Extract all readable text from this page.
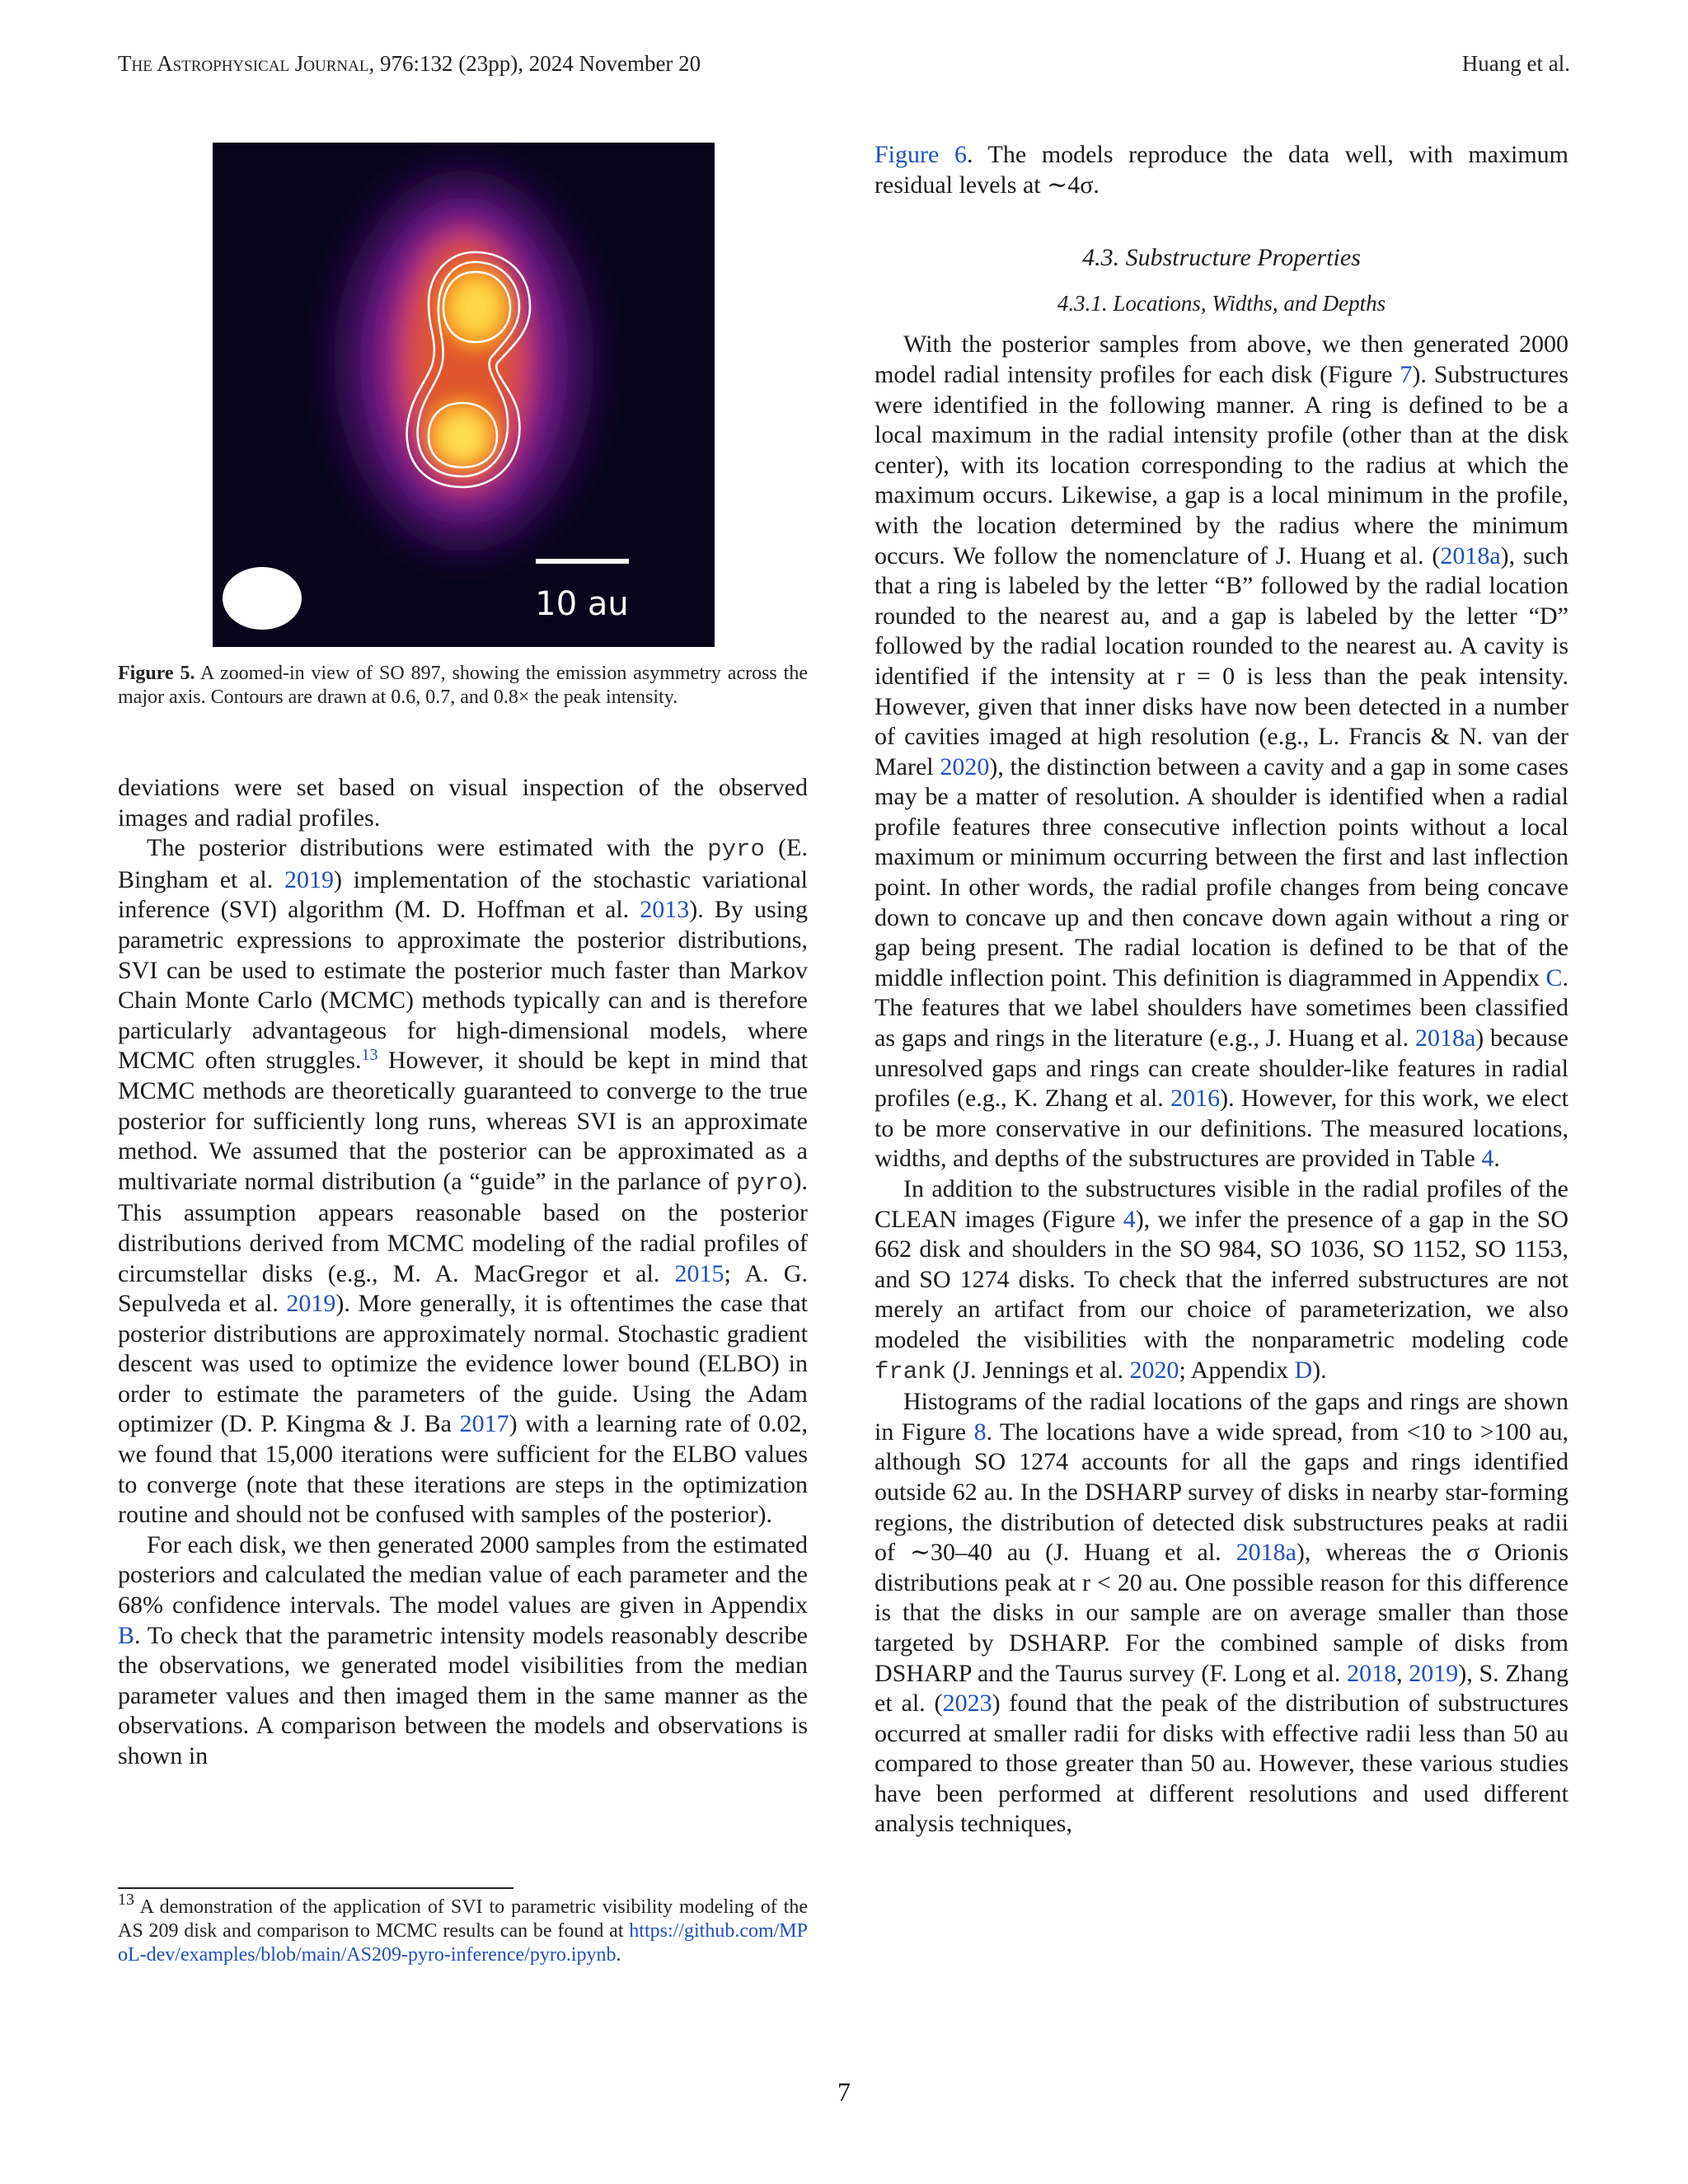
The Astrophysical Journal, 976:132 (23pp), 2024 November 20	Huang et al.
10 au
Figure 5. A zoomed-in view of SO 897, showing the emission asymmetry across the major axis. Contours are drawn at 0.6, 0.7, and 0.8× the peak intensity.

deviations were set based on visual inspection of the observed images and radial profiles.

The posterior distributions were estimated with the pyro (E. Bingham et al. 2019) implementation of the stochastic variational inference (SVI) algorithm (M. D. Hoffman et al. 2013). By using parametric expressions to approximate the posterior distributions, SVI can be used to estimate the posterior much faster than Markov Chain Monte Carlo (MCMC) methods typically can and is therefore particularly advantageous for high-dimensional models, where MCMC often struggles.$^{13}$ However, it should be kept in mind that MCMC methods are theoretically guaranteed to converge to the true posterior for sufficiently long runs, whereas SVI is an approximate method. We assumed that the posterior can be approximated as a multivariate normal distribution (a “guide” in the parlance of pyro). This assumption appears reasonable based on the posterior distributions derived from MCMC modeling of the radial profiles of circumstellar disks (e.g., M. A. MacGregor et al. 2015; A. G. Sepulveda et al. 2019). More generally, it is oftentimes the case that posterior distributions are approximately normal. Stochastic gradient descent was used to optimize the evidence lower bound (ELBO) in order to estimate the parameters of the guide. Using the Adam optimizer (D. P. Kingma & J. Ba 2017) with a learning rate of 0.02, we found that 15,000 iterations were sufficient for the ELBO values to converge (note that these iterations are steps in the optimization routine and should not be confused with samples of the posterior).

For each disk, we then generated 2000 samples from the estimated posteriors and calculated the median value of each parameter and the 68% confidence intervals. The model values are given in Appendix B. To check that the parametric intensity models reasonably describe the observations, we generated model visibilities from the median parameter values and then imaged them in the same manner as the observations. A comparison between the models and observations is shown in

$^{13}$ A demonstration of the application of SVI to parametric visibility modeling of the AS 209 disk and comparison to MCMC results can be found at https://github.com/MPoL-dev/examples/blob/main/AS209-pyro-inference/pyro.ipynb.

Figure 6. The models reproduce the data well, with maximum residual levels at ∼4σ.

4.3. Substructure Properties
4.3.1. Locations, Widths, and Depths

With the posterior samples from above, we then generated 2000 model radial intensity profiles for each disk (Figure 7). Substructures were identified in the following manner. A ring is defined to be a local maximum in the radial intensity profile (other than at the disk center), with its location corresponding to the radius at which the maximum occurs. Likewise, a gap is a local minimum in the profile, with the location determined by the radius where the minimum occurs. We follow the nomenclature of J. Huang et al. (2018a), such that a ring is labeled by the letter “B” followed by the radial location rounded to the nearest au, and a gap is labeled by the letter “D” followed by the radial location rounded to the nearest au. A cavity is identified if the intensity at r = 0 is less than the peak intensity. However, given that inner disks have now been detected in a number of cavities imaged at high resolution (e.g., L. Francis & N. van der Marel 2020), the distinction between a cavity and a gap in some cases may be a matter of resolution. A shoulder is identified when a radial profile features three consecutive inflection points without a local maximum or minimum occurring between the first and last inflection point. In other words, the radial profile changes from being concave down to concave up and then concave down again without a ring or gap being present. The radial location is defined to be that of the middle inflection point. This definition is diagrammed in Appendix C. The features that we label shoulders have sometimes been classified as gaps and rings in the literature (e.g., J. Huang et al. 2018a) because unresolved gaps and rings can create shoulder-like features in radial profiles (e.g., K. Zhang et al. 2016). However, for this work, we elect to be more conservative in our definitions. The measured locations, widths, and depths of the substructures are provided in Table 4.

In addition to the substructures visible in the radial profiles of the CLEAN images (Figure 4), we infer the presence of a gap in the SO 662 disk and shoulders in the SO 984, SO 1036, SO 1152, SO 1153, and SO 1274 disks. To check that the inferred substructures are not merely an artifact from our choice of parameterization, we also modeled the visibilities with the nonparametric modeling code frank (J. Jennings et al. 2020; Appendix D).

Histograms of the radial locations of the gaps and rings are shown in Figure 8. The locations have a wide spread, from <10 to >100 au, although SO 1274 accounts for all the gaps and rings identified outside 62 au. In the DSHARP survey of disks in nearby star-forming regions, the distribution of detected disk substructures peaks at radii of ∼30–40 au (J. Huang et al. 2018a), whereas the σ Orionis distributions peak at r < 20 au. One possible reason for this difference is that the disks in our sample are on average smaller than those targeted by DSHARP. For the combined sample of disks from DSHARP and the Taurus survey (F. Long et al. 2018, 2019), S. Zhang et al. (2023) found that the peak of the distribution of substructures occurred at smaller radii for disks with effective radii less than 50 au compared to those greater than 50 au. However, these various studies have been performed at different resolutions and used different analysis techniques,

7
